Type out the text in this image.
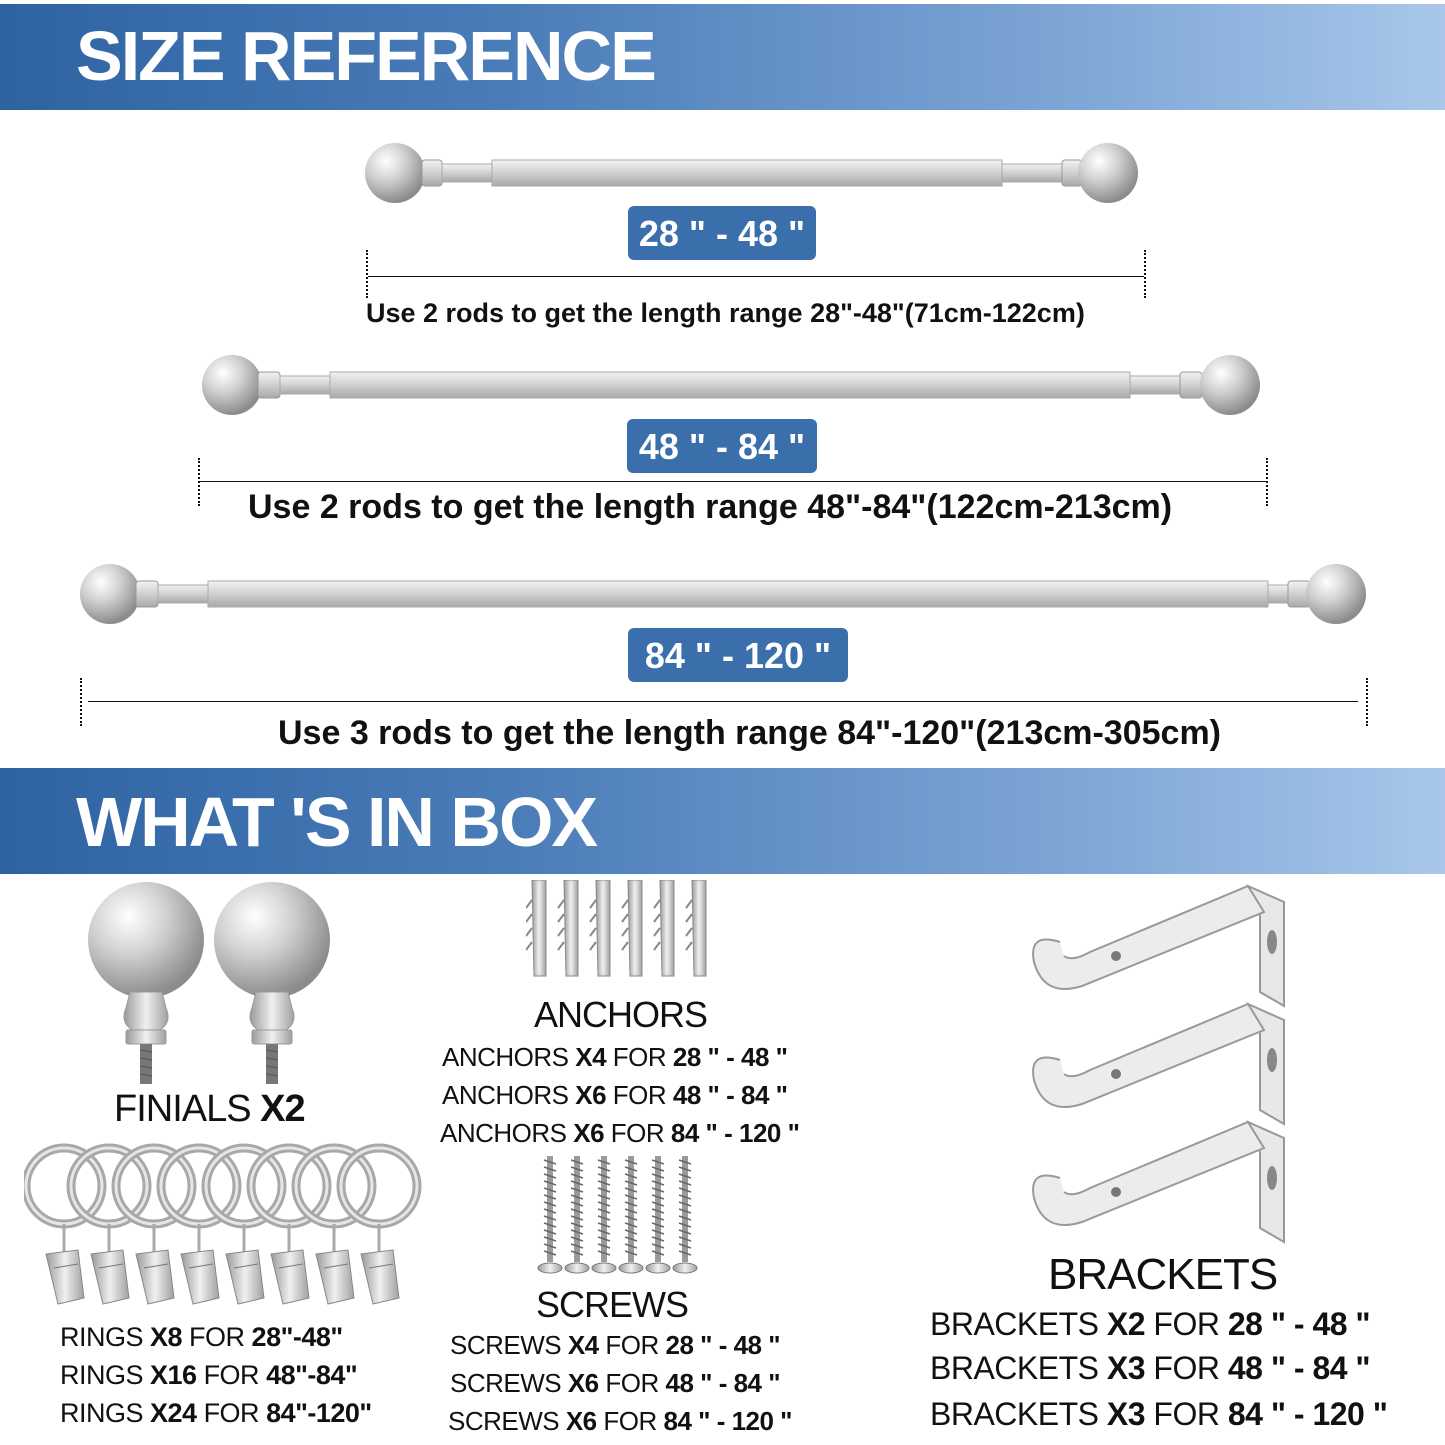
SIZE REFERENCE
28 " - 48 "
Use 2 rods to get the length range 28"-48"(71cm-122cm)
48 " - 84 "
Use 2 rods to get the length range 48"-84"(122cm-213cm)
84 " - 120 "
Use 3 rods to get the length range 84"-120"(213cm-305cm)
WHAT 'S IN BOX
FINIALS X2
RINGS X8 FOR 28"-48"
RINGS X16 FOR 48"-84"
RINGS X24 FOR 84"-120"
ANCHORS
ANCHORS X4 FOR 28 " - 48 "
ANCHORS X6 FOR 48 " - 84 "
ANCHORS X6 FOR 84 " - 120 "
SCREWS
SCREWS X4 FOR 28 " - 48 "
SCREWS X6 FOR 48 " - 84 "
SCREWS X6 FOR 84 " - 120 "
BRACKETS
BRACKETS X2 FOR 28 " - 48 "
BRACKETS X3 FOR 48 " - 84 "
BRACKETS X3 FOR 84 " - 120 "
